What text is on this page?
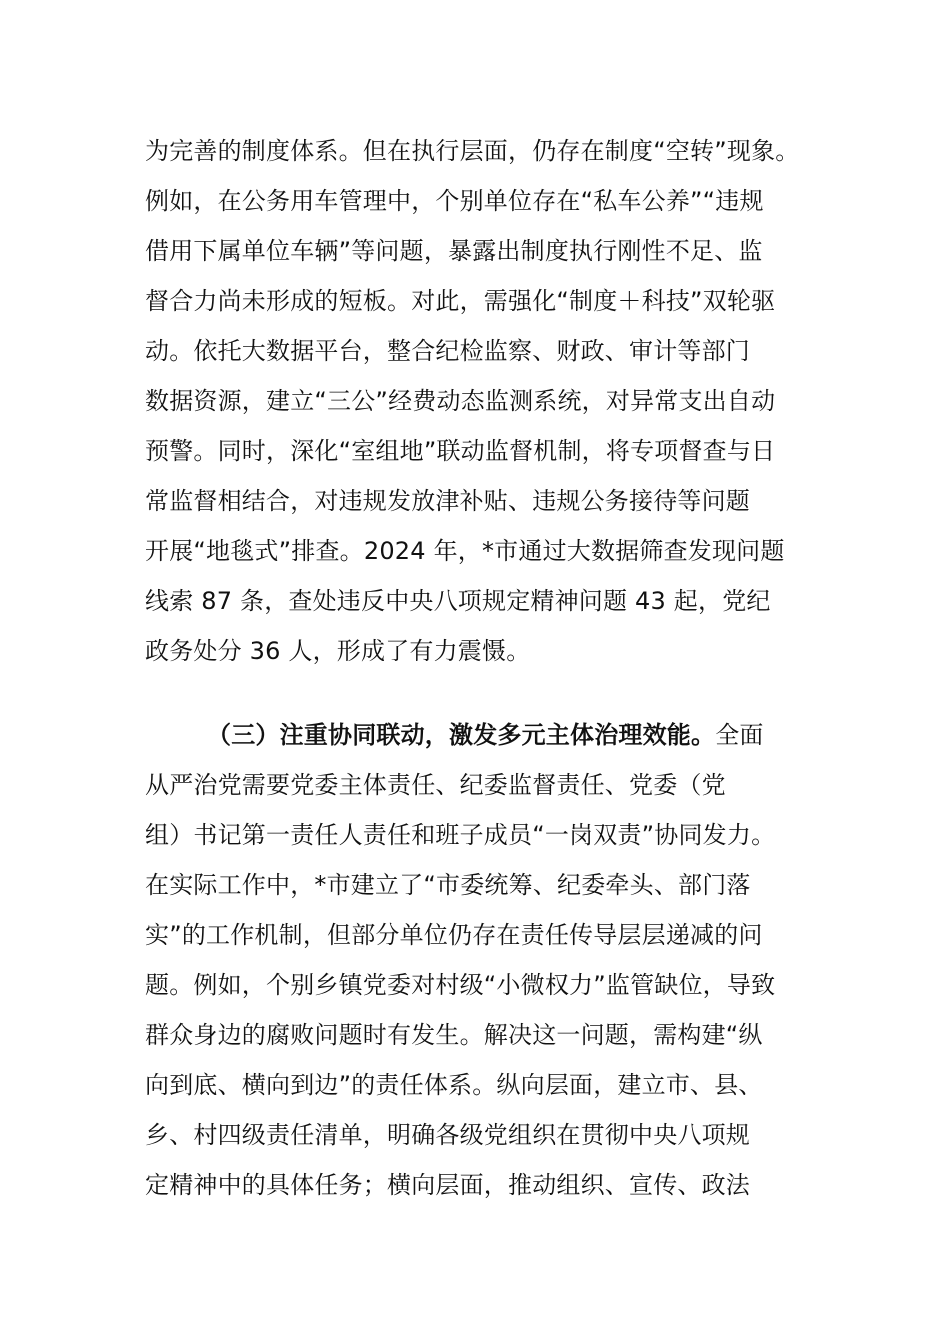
为完善的制度体系。但在执行层面，仍存在制度“空转”现象。
例如，在公务用车管理中，个别单位存在“私车公养”“违规
借用下属单位车辆”等问题，暴露出制度执行刚性不足、监
督合力尚未形成的短板。对此，需强化“制度＋科技”双轮驱
动。依托大数据平台，整合纪检监察、财政、审计等部门
数据资源，建立“三公”经费动态监测系统，对异常支出自动
预警。同时，深化“室组地”联动监督机制，将专项督查与日
常监督相结合，对违规发放津补贴、违规公务接待等问题
开展“地毯式”排查。2024 年，*市通过大数据筛查发现问题
线索 87 条，查处违反中央八项规定精神问题 43 起，党纪
政务处分 36 人，形成了有力震慑。
（三）注重协同联动，激发多元主体治理效能。全面
从严治党需要党委主体责任、纪委监督责任、党委（党
组）书记第一责任人责任和班子成员“一岗双责”协同发力。
在实际工作中，*市建立了“市委统筹、纪委牵头、部门落
实”的工作机制，但部分单位仍存在责任传导层层递减的问
题。例如，个别乡镇党委对村级“小微权力”监管缺位，导致
群众身边的腐败问题时有发生。解决这一问题，需构建“纵
向到底、横向到边”的责任体系。纵向层面，建立市、县、
乡、村四级责任清单，明确各级党组织在贯彻中央八项规
定精神中的具体任务；横向层面，推动组织、宣传、政法
